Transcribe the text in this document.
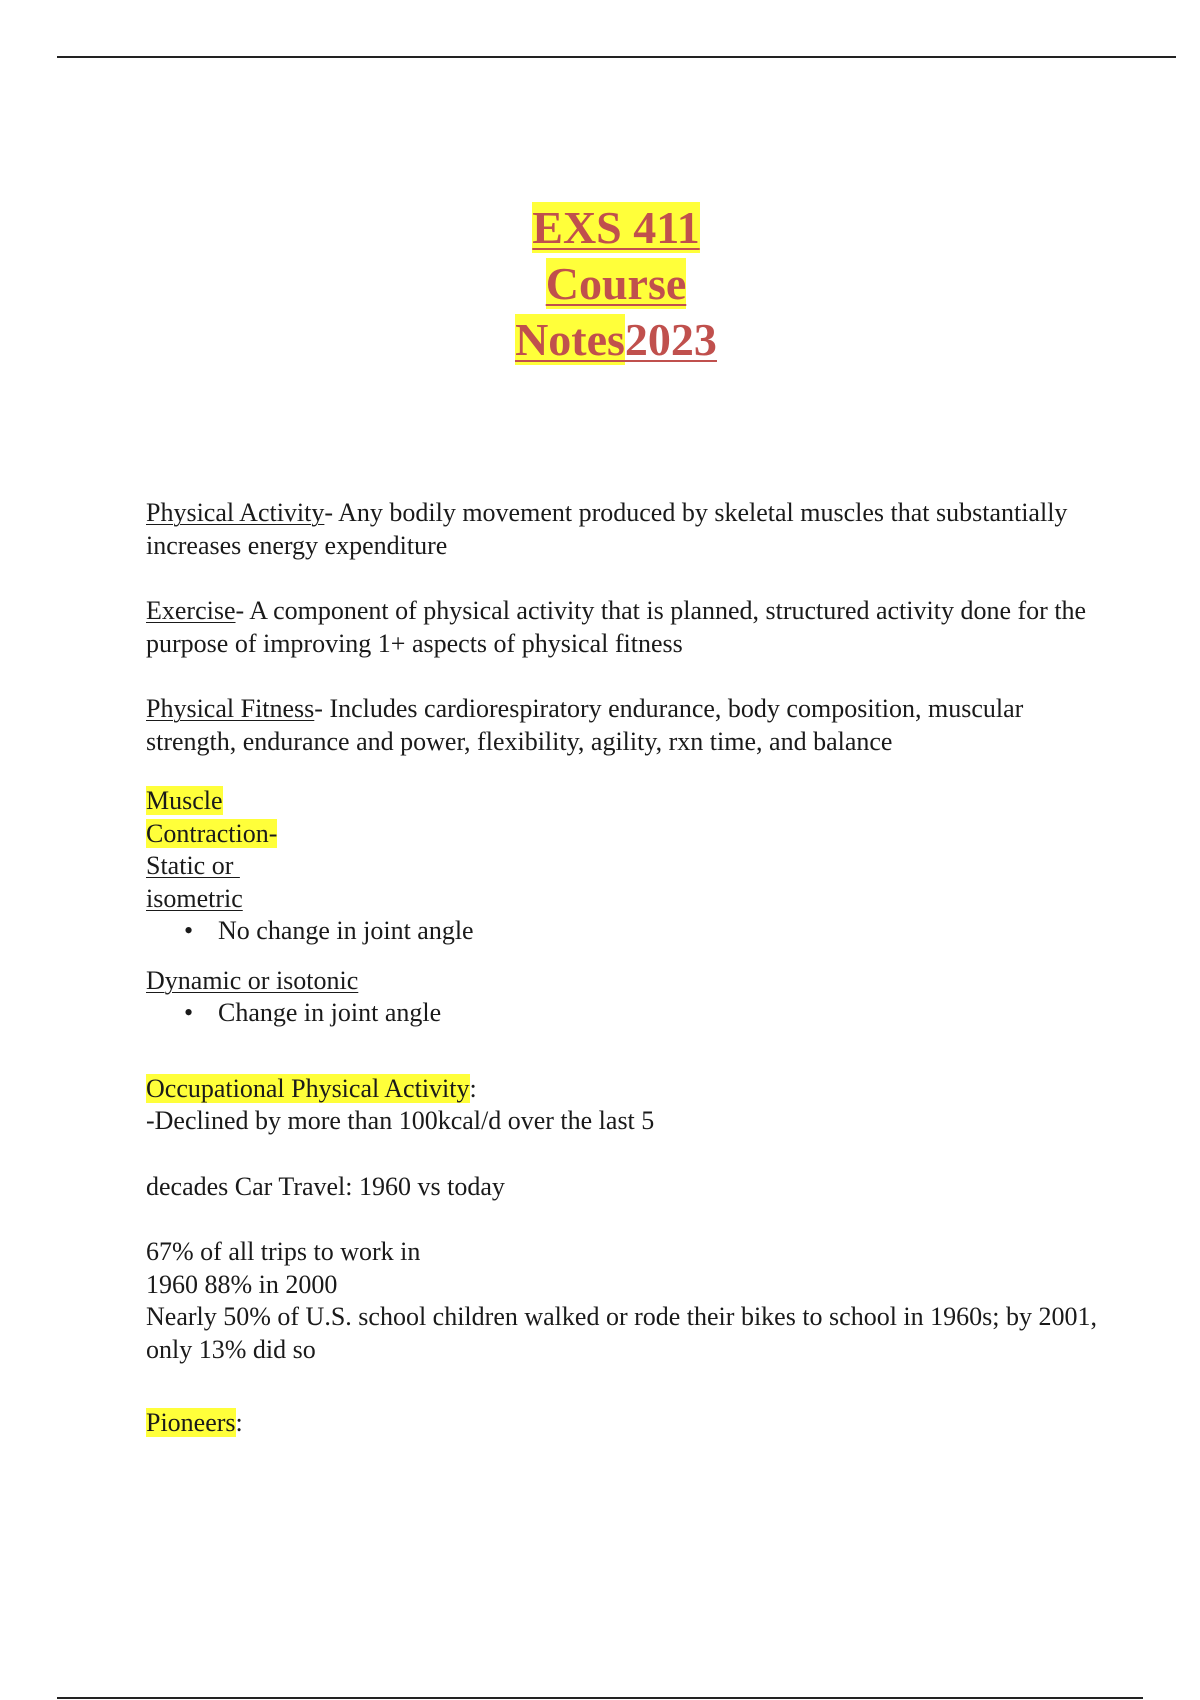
EXS 411
Course
Notes2023

Physical Activity- Any bodily movement produced by skeletal muscles that substantially increases energy expenditure

Exercise- A component of physical activity that is planned, structured activity done for the purpose of improving 1+ aspects of physical fitness

Physical Fitness- Includes cardiorespiratory endurance, body composition, muscular strength, endurance and power, flexibility, agility, rxn time, and balance

Muscle
Contraction-

Static or
isometric

• No change in joint angle

Dynamic or isotonic

• Change in joint angle

Occupational Physical Activity:

-Declined by more than 100kcal/d over the last 5

decades Car Travel: 1960 vs today

67% of all trips to work in

1960 88% in 2000

Nearly 50% of U.S. school children walked or rode their bikes to school in 1960s; by 2001, only 13% did so

Pioneers:
